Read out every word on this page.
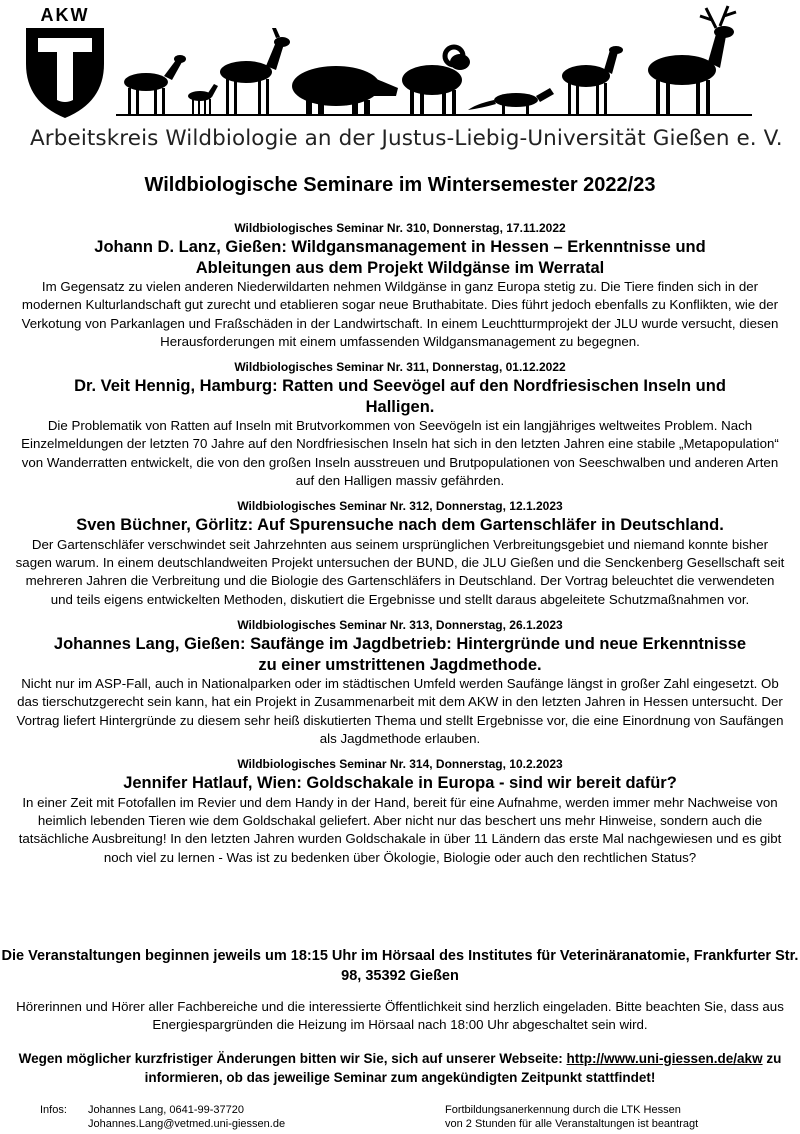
AKW
Arbeitskreis Wildbiologie an der Justus-Liebig-Universität Gießen e. V.
Wildbiologische Seminare im Wintersemester 2022/23
Wildbiologisches Seminar Nr. 310, Donnerstag, 17.11.2022
Johann D. Lanz, Gießen: Wildgansmanagement in Hessen – Erkenntnisse und Ableitungen aus dem Projekt Wildgänse im Werratal
Im Gegensatz zu vielen anderen Niederwildarten nehmen Wildgänse in ganz Europa stetig zu. Die Tiere finden sich in der modernen Kulturlandschaft gut zurecht und etablieren sogar neue Bruthabitate. Dies führt jedoch ebenfalls zu Konflikten, wie der Verkotung von Parkanlagen und Fraßschäden in der Landwirtschaft. In einem Leuchtturmprojekt der JLU wurde versucht, diesen Herausforderungen mit einem umfassenden Wildgansmanagement zu begegnen.
Wildbiologisches Seminar Nr. 311, Donnerstag, 01.12.2022
Dr. Veit Hennig, Hamburg: Ratten und Seevögel auf den Nordfriesischen Inseln und Halligen.
Die Problematik von Ratten auf Inseln mit Brutvorkommen von Seevögeln ist ein langjähriges weltweites Problem. Nach Einzelmeldungen der letzten 70 Jahre auf den Nordfriesischen Inseln hat sich in den letzten Jahren eine stabile „Metapopulation“ von Wanderratten entwickelt, die von den großen Inseln ausstreuen und Brutpopulationen von Seeschwalben und anderen Arten auf den Halligen massiv gefährden.
Wildbiologisches Seminar Nr. 312, Donnerstag, 12.1.2023
Sven Büchner, Görlitz: Auf Spurensuche nach dem Gartenschläfer in Deutschland.
Der Gartenschläfer verschwindet seit Jahrzehnten aus seinem ursprünglichen Verbreitungsgebiet und niemand konnte bisher sagen warum. In einem deutschlandweiten Projekt untersuchen der BUND, die JLU Gießen und die Senckenberg Gesellschaft seit mehreren Jahren die Verbreitung und die Biologie des Gartenschläfers in Deutschland. Der Vortrag beleuchtet die verwendeten und teils eigens entwickelten Methoden, diskutiert die Ergebnisse und stellt daraus abgeleitete Schutzmaßnahmen vor.
Wildbiologisches Seminar Nr. 313, Donnerstag, 26.1.2023
Johannes Lang, Gießen: Saufänge im Jagdbetrieb: Hintergründe und neue Erkenntnisse zu einer umstrittenen Jagdmethode.
Nicht nur im ASP-Fall, auch in Nationalparken oder im städtischen Umfeld werden Saufänge längst in großer Zahl eingesetzt. Ob das tierschutzgerecht sein kann, hat ein Projekt in Zusammenarbeit mit dem AKW in den letzten Jahren in Hessen untersucht. Der Vortrag liefert Hintergründe zu diesem sehr heiß diskutierten Thema und stellt Ergebnisse vor, die eine Einordnung von Saufängen als Jagdmethode erlauben.
Wildbiologisches Seminar Nr. 314, Donnerstag, 10.2.2023
Jennifer Hatlauf, Wien: Goldschakale in Europa - sind wir bereit dafür?
In einer Zeit mit Fotofallen im Revier und dem Handy in der Hand, bereit für eine Aufnahme, werden immer mehr Nachweise von heimlich lebenden Tieren wie dem Goldschakal geliefert. Aber nicht nur das beschert uns mehr Hinweise, sondern auch die tatsächliche Ausbreitung! In den letzten Jahren wurden Goldschakale in über 11 Ländern das erste Mal nachgewiesen und es gibt noch viel zu lernen - Was ist zu bedenken über Ökologie, Biologie oder auch den rechtlichen Status?
Die Veranstaltungen beginnen jeweils um 18:15 Uhr im Hörsaal des Institutes für Veterinäranatomie, Frankfurter Str. 98, 35392 Gießen
Hörerinnen und Hörer aller Fachbereiche und die interessierte Öffentlichkeit sind herzlich eingeladen. Bitte beachten Sie, dass aus Energiespargründen die Heizung im Hörsaal nach 18:00 Uhr abgeschaltet sein wird.
Wegen möglicher kurzfristiger Änderungen bitten wir Sie, sich auf unserer Webseite: http://www.uni-giessen.de/akw zu informieren, ob das jeweilige Seminar zum angekündigten Zeitpunkt stattfindet!
Infos: Johannes Lang, 0641-99-37720
Johannes.Lang@vetmed.uni-giessen.de
Fortbildungsanerkennung durch die LTK Hessen
von 2 Stunden für alle Veranstaltungen ist beantragt
